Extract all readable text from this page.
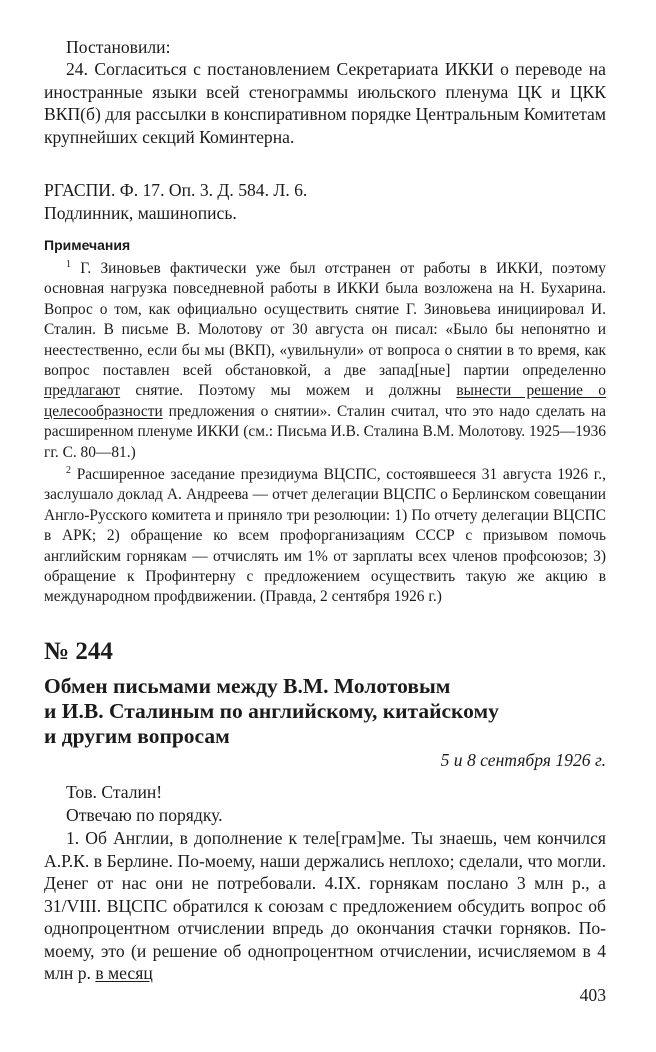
Постановили:
24. Согласиться с постановлением Секретариата ИККИ о переводе на иностранные языки всей стенограммы июльского пленума ЦК и ЦКК ВКП(б) для рассылки в конспиративном порядке Центральным Комитетам крупнейших секций Коминтерна.
РГАСПИ. Ф. 17. Оп. 3. Д. 584. Л. 6.
Подлинник, машинопись.
Примечания
$^1$ Г. Зиновьев фактически уже был отстранен от работы в ИККИ, поэтому основная нагрузка повседневной работы в ИККИ была возложена на Н. Бухарина. Вопрос о том, как официально осуществить снятие Г. Зиновьева инициировал И. Сталин. В письме В. Молотову от 30 августа он писал: «Было бы непонятно и неестественно, если бы мы (ВКП), «увильнули» от вопроса о снятии в то время, как вопрос поставлен всей обстановкой, а две запад[ные] партии определенно предлагают снятие. Поэтому мы можем и должны вынести решение о целесообразности предложения о снятии». Сталин считал, что это надо сделать на расширенном пленуме ИККИ (см.: Письма И.В. Сталина В.М. Молотову. 1925—1936 гг. С. 80—81.)
$^2$ Расширенное заседание президиума ВЦСПС, состоявшееся 31 августа 1926 г., заслушало доклад А. Андреева — отчет делегации ВЦСПС о Берлинском совещании Англо-Русского комитета и приняло три резолюции: 1) По отчету делегации ВЦСПС в АРК; 2) обращение ко всем профорганизациям СССР с призывом помочь английским горнякам — отчислять им 1% от зарплаты всех членов профсоюзов; 3) обращение к Профинтерну с предложением осуществить такую же акцию в международном профдвижении. (Правда, 2 сентября 1926 г.)
№ 244
Обмен письмами между В.М. Молотовым
и И.В. Сталиным по английскому, китайскому
и другим вопросам
5 и 8 сентября 1926 г.
Тов. Сталин!
Отвечаю по порядку.
1. Об Англии, в дополнение к теле[грам]ме. Ты знаешь, чем кончился А.Р.К. в Берлине. По-моему, наши держались неплохо; сделали, что могли. Денег от нас они не потребовали. 4.IX. горнякам послано 3 млн р., а 31/VIII. ВЦСПС обратился к союзам с предложением обсудить вопрос об однопроцентном отчислении впредь до окончания стачки горняков. По-моему, это (и решение об однопроцентном отчислении, исчисляемом в 4 млн р. в месяц
403
